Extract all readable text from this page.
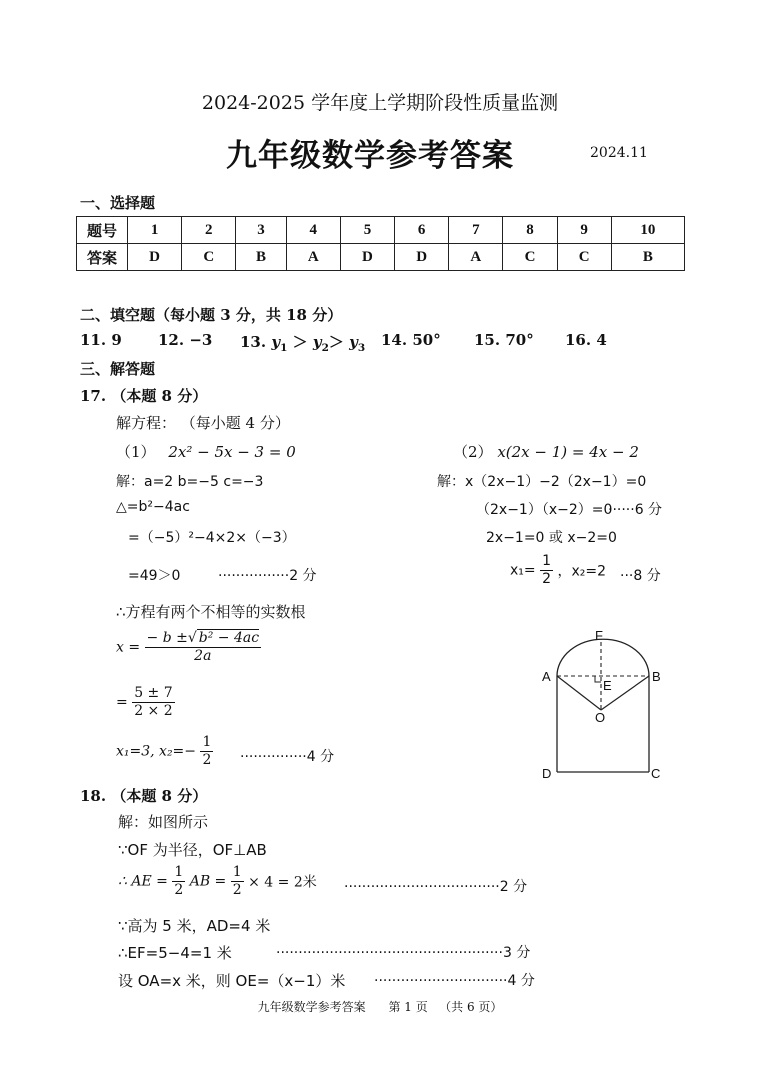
2024-2025 学年度上学期阶段性质量监测
九年级数学参考答案	2024.11
一、选择题
题号	1	2	3	4	5	6	7	8	9	10
答案	D	C	B	A	D	D	A	C	C	B
二、填空题（每小题 3 分，共 18 分）
11. 9 12. −3 13. $y_1 > y_2> y_3$ 14. 50° 15. 70° 16. 4
三、解答题
17. （本题 8 分）
解方程： （每小题 4 分）
（1） 2x² − 5x − 3 = 0
解：a=2 b=−5 c=−3
△=b²−4ac
=（−5）²−4×2×（−3）
=49＞0	················2 分
∴方程有两个不相等的实数根
$x = \frac{\text{− b ±√ b² − 4ac}}{2a}$
= $\frac{5 \pm 7}{2 \times 2}$
x₁=3, $x_2=- \frac{1}{2} \cdot\cdot\cdot\cdot\cdot\cdot\cdot\cdot\cdot\cdot\cdot\cdot\cdot\cdot\cdot 4$ 分
（2） x(2x − 1) = 4x − 2
解：x（2x−1）−2（2x−1）=0
（2x−1）（x−2）=0
······6 分
2x−1=0 或 x−2=0
$x_1= \frac{1}{2}$ ，x₂=2 ···8 分
F
A	B
E
O
D	C
18. （本题 8 分）
解：如图所示
∵OF 为半径，OF⊥AB
∴ AE = $\frac{1}{2}$ AB = $\frac{1}{2} \times 4 = 2$米 ···································2 分
∵高为 5 米，AD=4 米
∴EF=5−4=1 米	···················································3 分
设 OA=x 米，则 OE=（x−1）米 ······························4 分
九年级数学参考答案      第 1 页   （共 6 页）
